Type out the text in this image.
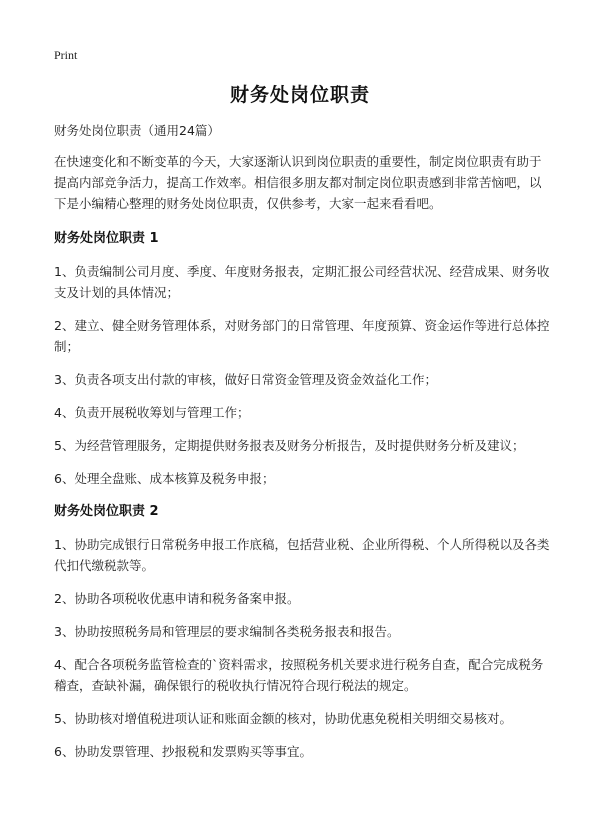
Print
财务处岗位职责

财务处岗位职责（通用24篇）

在快速变化和不断变革的今天，大家逐渐认识到岗位职责的重要性，制定岗位职责有助于提高内部竞争活力，提高工作效率。相信很多朋友都对制定岗位职责感到非常苦恼吧，以下是小编精心整理的财务处岗位职责，仅供参考，大家一起来看看吧。

财务处岗位职责 1

1、负责编制公司月度、季度、年度财务报表，定期汇报公司经营状况、经营成果、财务收支及计划的具体情况；

2、建立、健全财务管理体系，对财务部门的日常管理、年度预算、资金运作等进行总体控制；

3、负责各项支出付款的审核，做好日常资金管理及资金效益化工作；

4、负责开展税收筹划与管理工作；

5、为经营管理服务，定期提供财务报表及财务分析报告，及时提供财务分析及建议；

6、处理全盘账、成本核算及税务申报；

财务处岗位职责 2

1、协助完成银行日常税务申报工作底稿，包括营业税、企业所得税、个人所得税以及各类代扣代缴税款等。

2、协助各项税收优惠申请和税务备案申报。

3、协助按照税务局和管理层的要求编制各类税务报表和报告。

4、配合各项税务监管检查的`资料需求，按照税务机关要求进行税务自查，配合完成税务稽查，查缺补漏，确保银行的税收执行情况符合现行税法的规定。

5、协助核对增值税进项认证和账面金额的核对，协助优惠免税相关明细交易核对。

6、协助发票管理、抄报税和发票购买等事宜。
